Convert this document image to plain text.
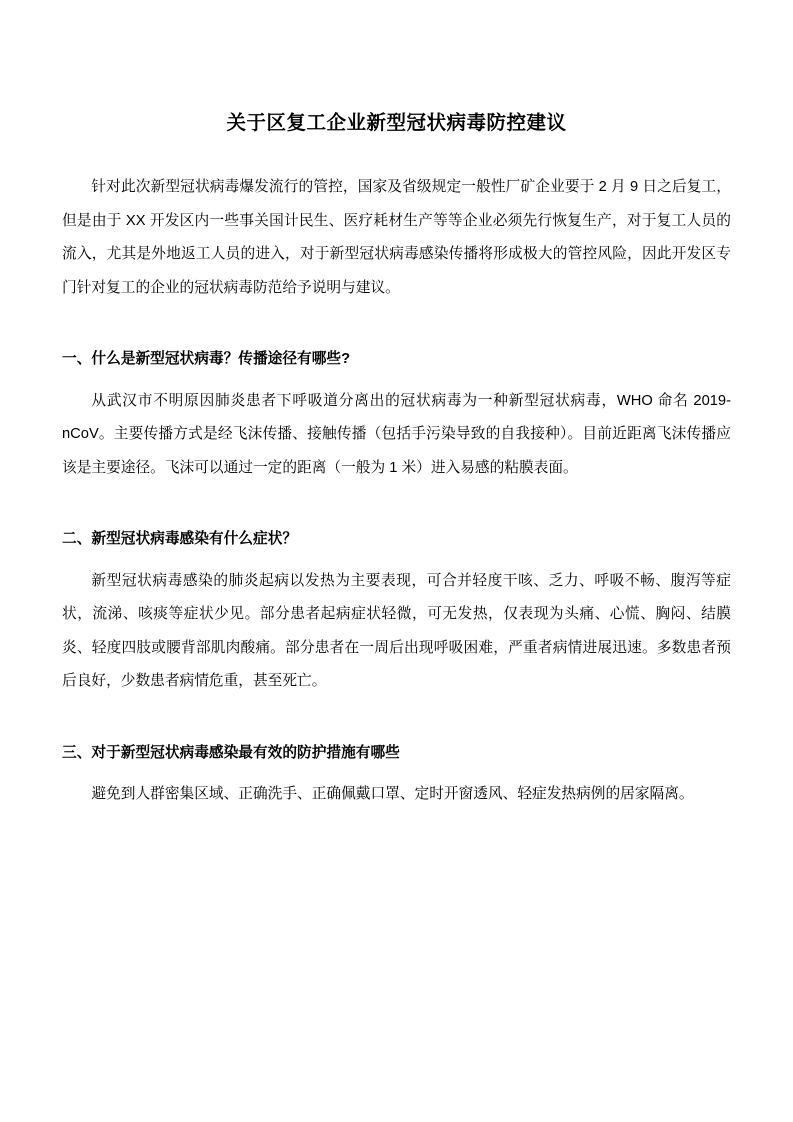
关于区复工企业新型冠状病毒防控建议

针对此次新型冠状病毒爆发流行的管控，国家及省级规定一般性厂矿企业要于 2 月 9 日之后复工，但是由于 XX 开发区内一些事关国计民生、医疗耗材生产等等企业必须先行恢复生产，对于复工人员的流入，尤其是外地返工人员的进入，对于新型冠状病毒感染传播将形成极大的管控风险，因此开发区专门针对复工的企业的冠状病毒防范给予说明与建议。

一、什么是新型冠状病毒？传播途径有哪些?

从武汉市不明原因肺炎患者下呼吸道分离出的冠状病毒为一种新型冠状病毒，WHO 命名 2019-nCoV。主要传播方式是经飞沫传播、接触传播（包括手污染导致的自我接种）。目前近距离飞沫传播应该是主要途径。飞沫可以通过一定的距离（一般为 1 米）进入易感的粘膜表面。

二、新型冠状病毒感染有什么症状？

新型冠状病毒感染的肺炎起病以发热为主要表现，可合并轻度干咳、乏力、呼吸不畅、腹泻等症状，流涕、咳痰等症状少见。部分患者起病症状轻微，可无发热，仅表现为头痛、心慌、胸闷、结膜炎、轻度四肢或腰背部肌肉酸痛。部分患者在一周后出现呼吸困难，严重者病情进展迅速。多数患者预后良好，少数患者病情危重，甚至死亡。

三、对于新型冠状病毒感染最有效的防护措施有哪些

避免到人群密集区域、正确洗手、正确佩戴口罩、定时开窗透风、轻症发热病例的居家隔离。
